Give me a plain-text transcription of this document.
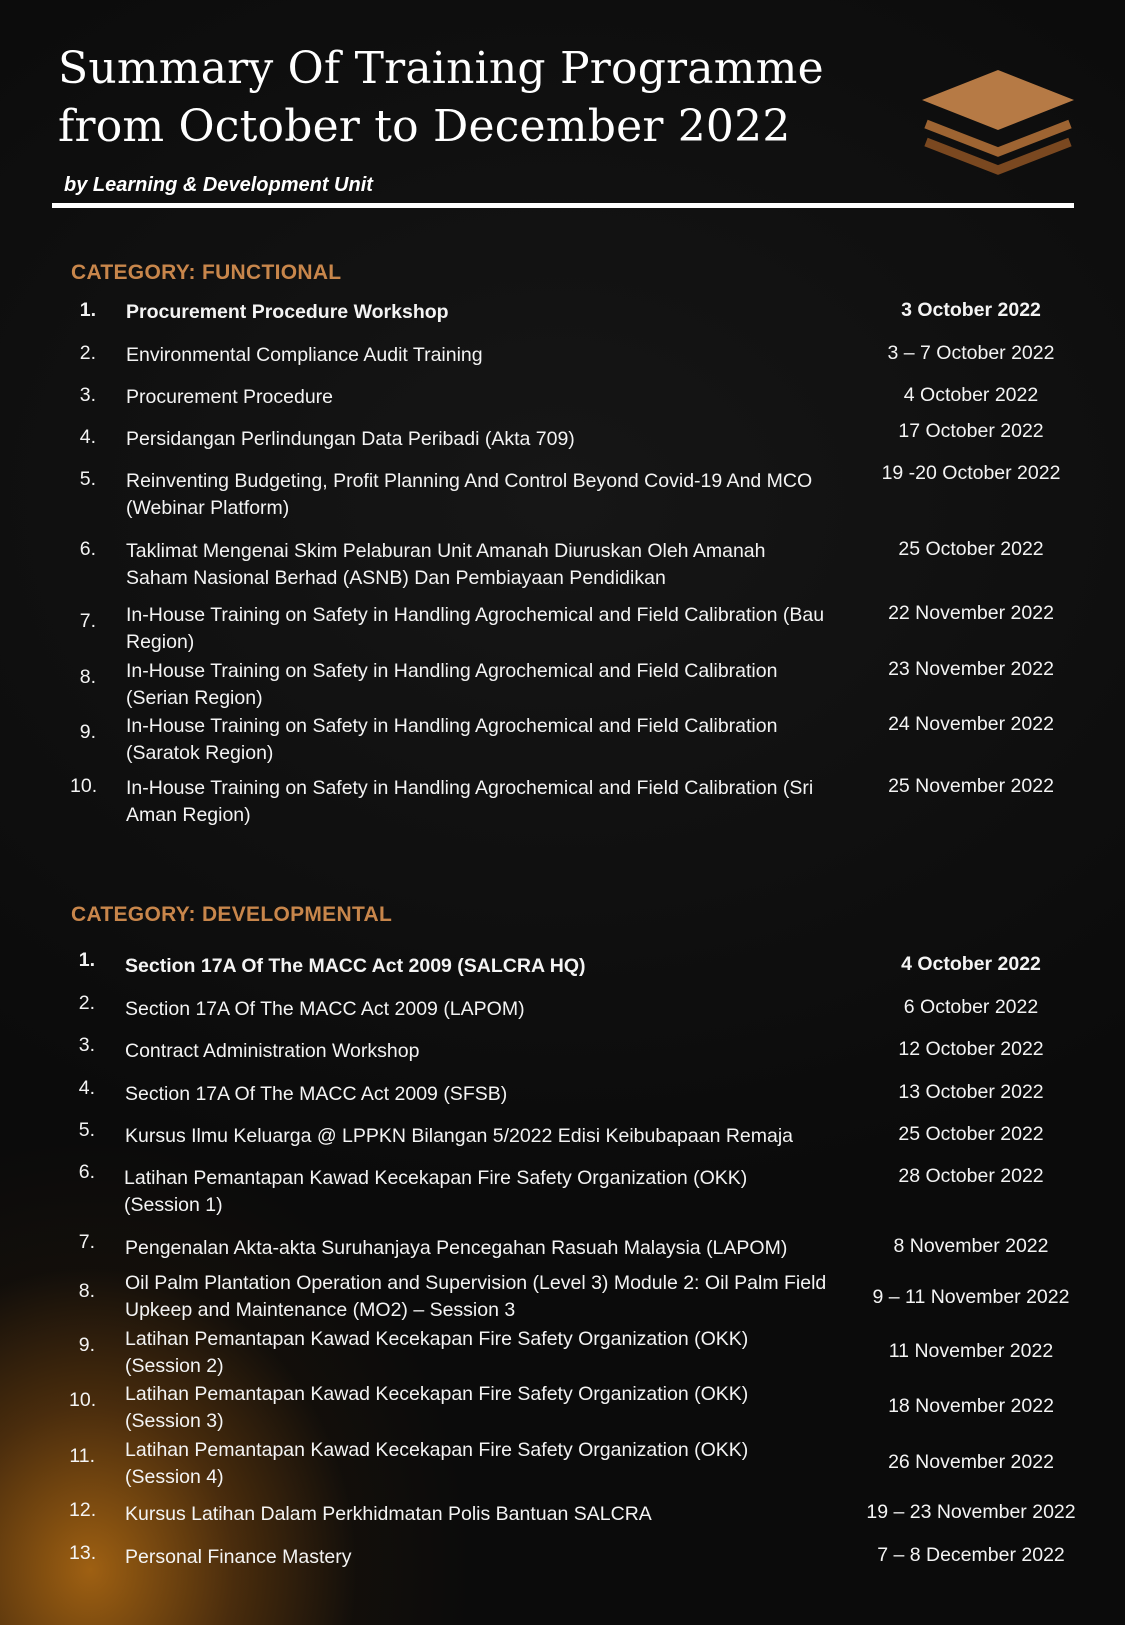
Summary Of Training Programme
from October to December 2022
by Learning & Development Unit
CATEGORY: FUNCTIONAL
1. Procurement Procedure Workshop	3 October 2022
2. Environmental Compliance Audit Training	3 – 7 October 2022
3. Procurement Procedure	4 October 2022
4. Persidangan Perlindungan Data Peribadi (Akta 709)	17 October 2022
5. Reinventing Budgeting, Profit Planning And Control Beyond Covid-19 And MCO (Webinar Platform)
19 -20 October 2022
6. Taklimat Mengenai Skim Pelaburan Unit Amanah Diuruskan Oleh Amanah Saham Nasional Berhad (ASNB) Dan Pembiayaan Pendidikan
25 October 2022
7. In-House Training on Safety in Handling Agrochemical and Field Calibration (Bau Region)
22 November 2022
8. In-House Training on Safety in Handling Agrochemical and Field Calibration (Serian Region)
23 November 2022
9. In-House Training on Safety in Handling Agrochemical and Field Calibration (Saratok Region)
24 November 2022
10. In-House Training on Safety in Handling Agrochemical and Field Calibration (Sri Aman Region)
25 November 2022
CATEGORY: DEVELOPMENTAL
1. Section 17A Of The MACC Act 2009 (SALCRA HQ)	4 October 2022
2. Section 17A Of The MACC Act 2009 (LAPOM)	6 October 2022
3. Contract Administration Workshop	12 October 2022
4. Section 17A Of The MACC Act 2009 (SFSB)	13 October 2022
5. Kursus Ilmu Keluarga @ LPPKN Bilangan 5/2022 Edisi Keibubapaan Remaja	25 October 2022
6. Latihan Pemantapan Kawad Kecekapan Fire Safety Organization (OKK) (Session 1)
28 October 2022
7. Pengenalan Akta-akta Suruhanjaya Pencegahan Rasuah Malaysia (LAPOM)	8 November 2022
8. Oil Palm Plantation Operation and Supervision (Level 3) Module 2: Oil Palm Field Upkeep and Maintenance (MO2) – Session 3
9 – 11 November 2022
9. Latihan Pemantapan Kawad Kecekapan Fire Safety Organization (OKK) (Session 2)
11 November 2022
10. Latihan Pemantapan Kawad Kecekapan Fire Safety Organization (OKK) (Session 3)
18 November 2022
11. Latihan Pemantapan Kawad Kecekapan Fire Safety Organization (OKK) (Session 4)
26 November 2022
12. Kursus Latihan Dalam Perkhidmatan Polis Bantuan SALCRA	19 – 23 November 2022
13. Personal Finance Mastery	7 – 8 December 2022
